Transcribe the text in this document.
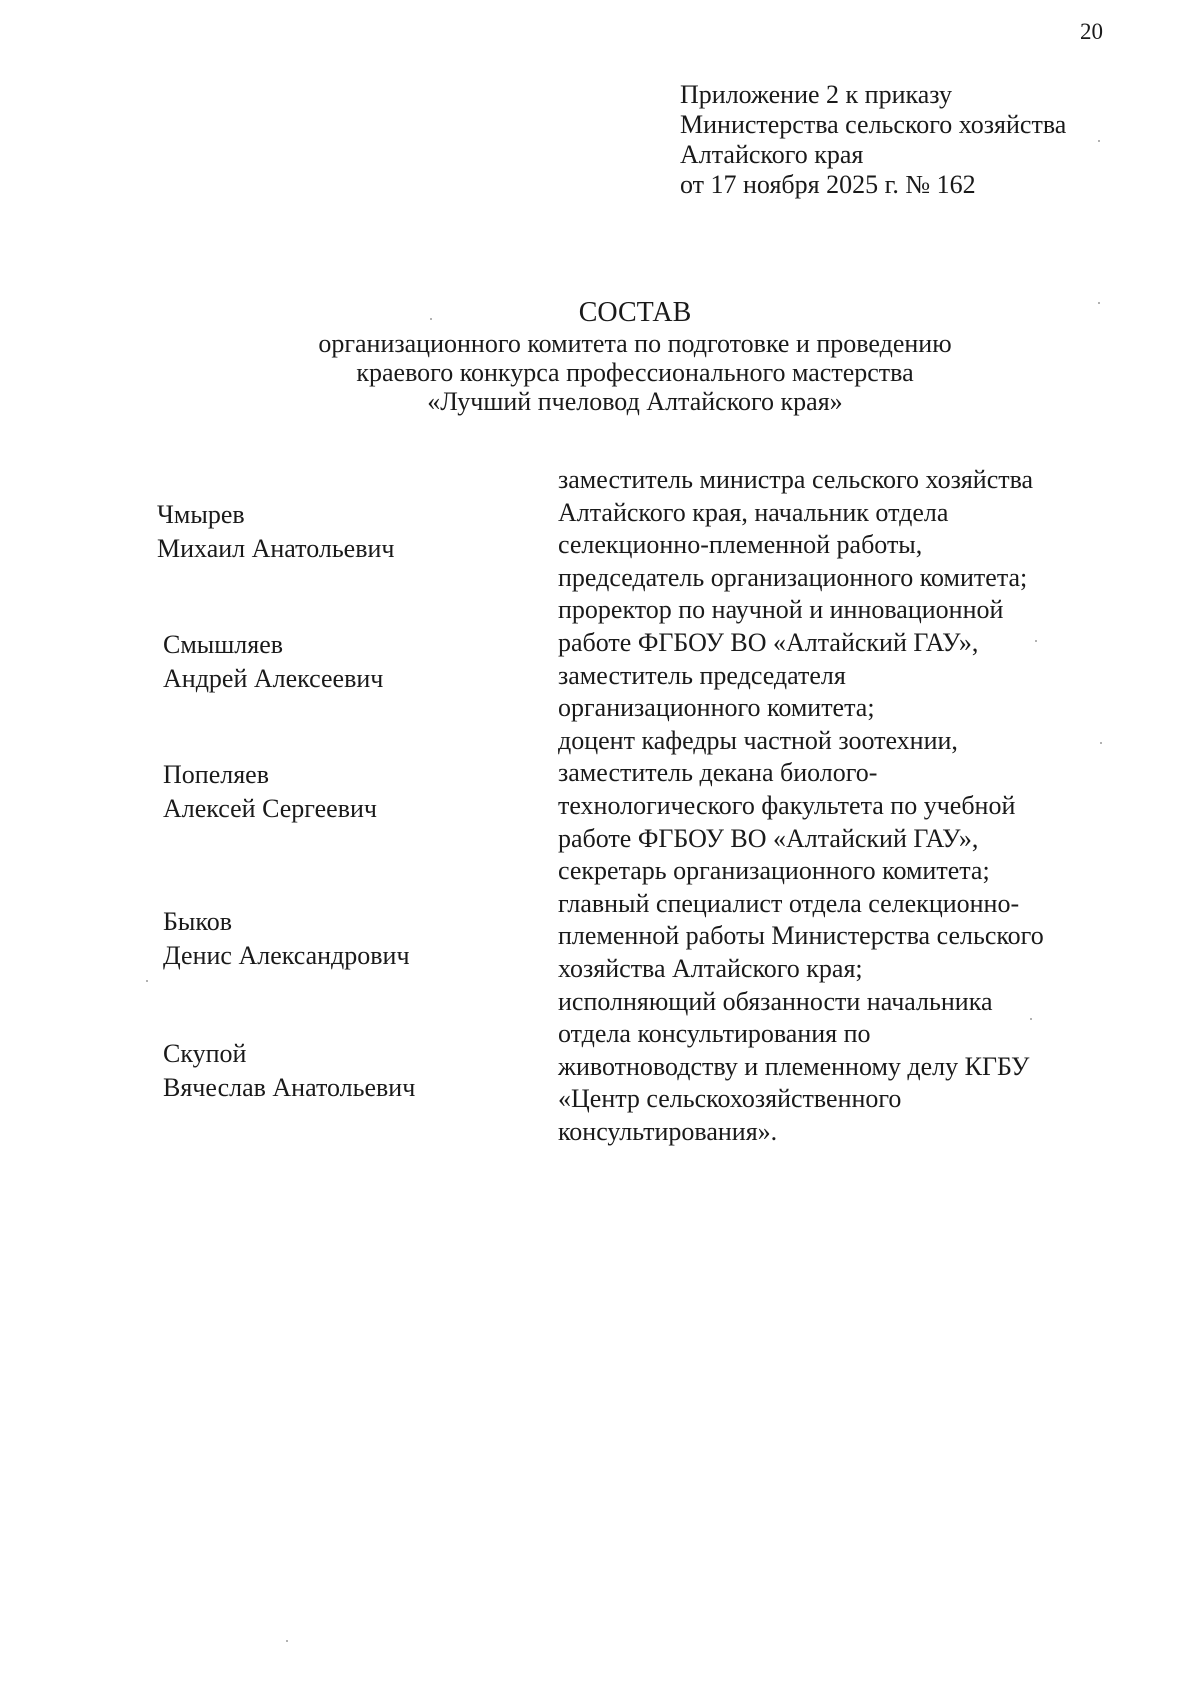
20
Приложение 2 к приказу
Министерства сельского хозяйства
Алтайского края
от 17 ноября 2025 г. № 162
СОСТАВ
организационного комитета по подготовке и проведению
краевого конкурса профессионального мастерства
«Лучший пчеловод Алтайского края»
Чмырев
Михаил Анатольевич
Смышляев
Андрей Алексеевич
Попеляев
Алексей Сергеевич
Быков
Денис Александрович
Скупой
Вячеслав Анатольевич
заместитель министра сельского хозяйства
Алтайского края, начальник отдела
селекционно-племенной работы,
председатель организационного комитета;
проректор по научной и инновационной
работе ФГБОУ ВО «Алтайский ГАУ»,
заместитель председателя
организационного комитета;
доцент кафедры частной зоотехнии,
заместитель декана биолого-
технологического факультета по учебной
работе ФГБОУ ВО «Алтайский ГАУ»,
секретарь организационного комитета;
главный специалист отдела селекционно-
племенной работы Министерства сельского
хозяйства Алтайского края;
исполняющий обязанности начальника
отдела консультирования по
животноводству и племенному делу КГБУ
«Центр сельскохозяйственного
консультирования».
